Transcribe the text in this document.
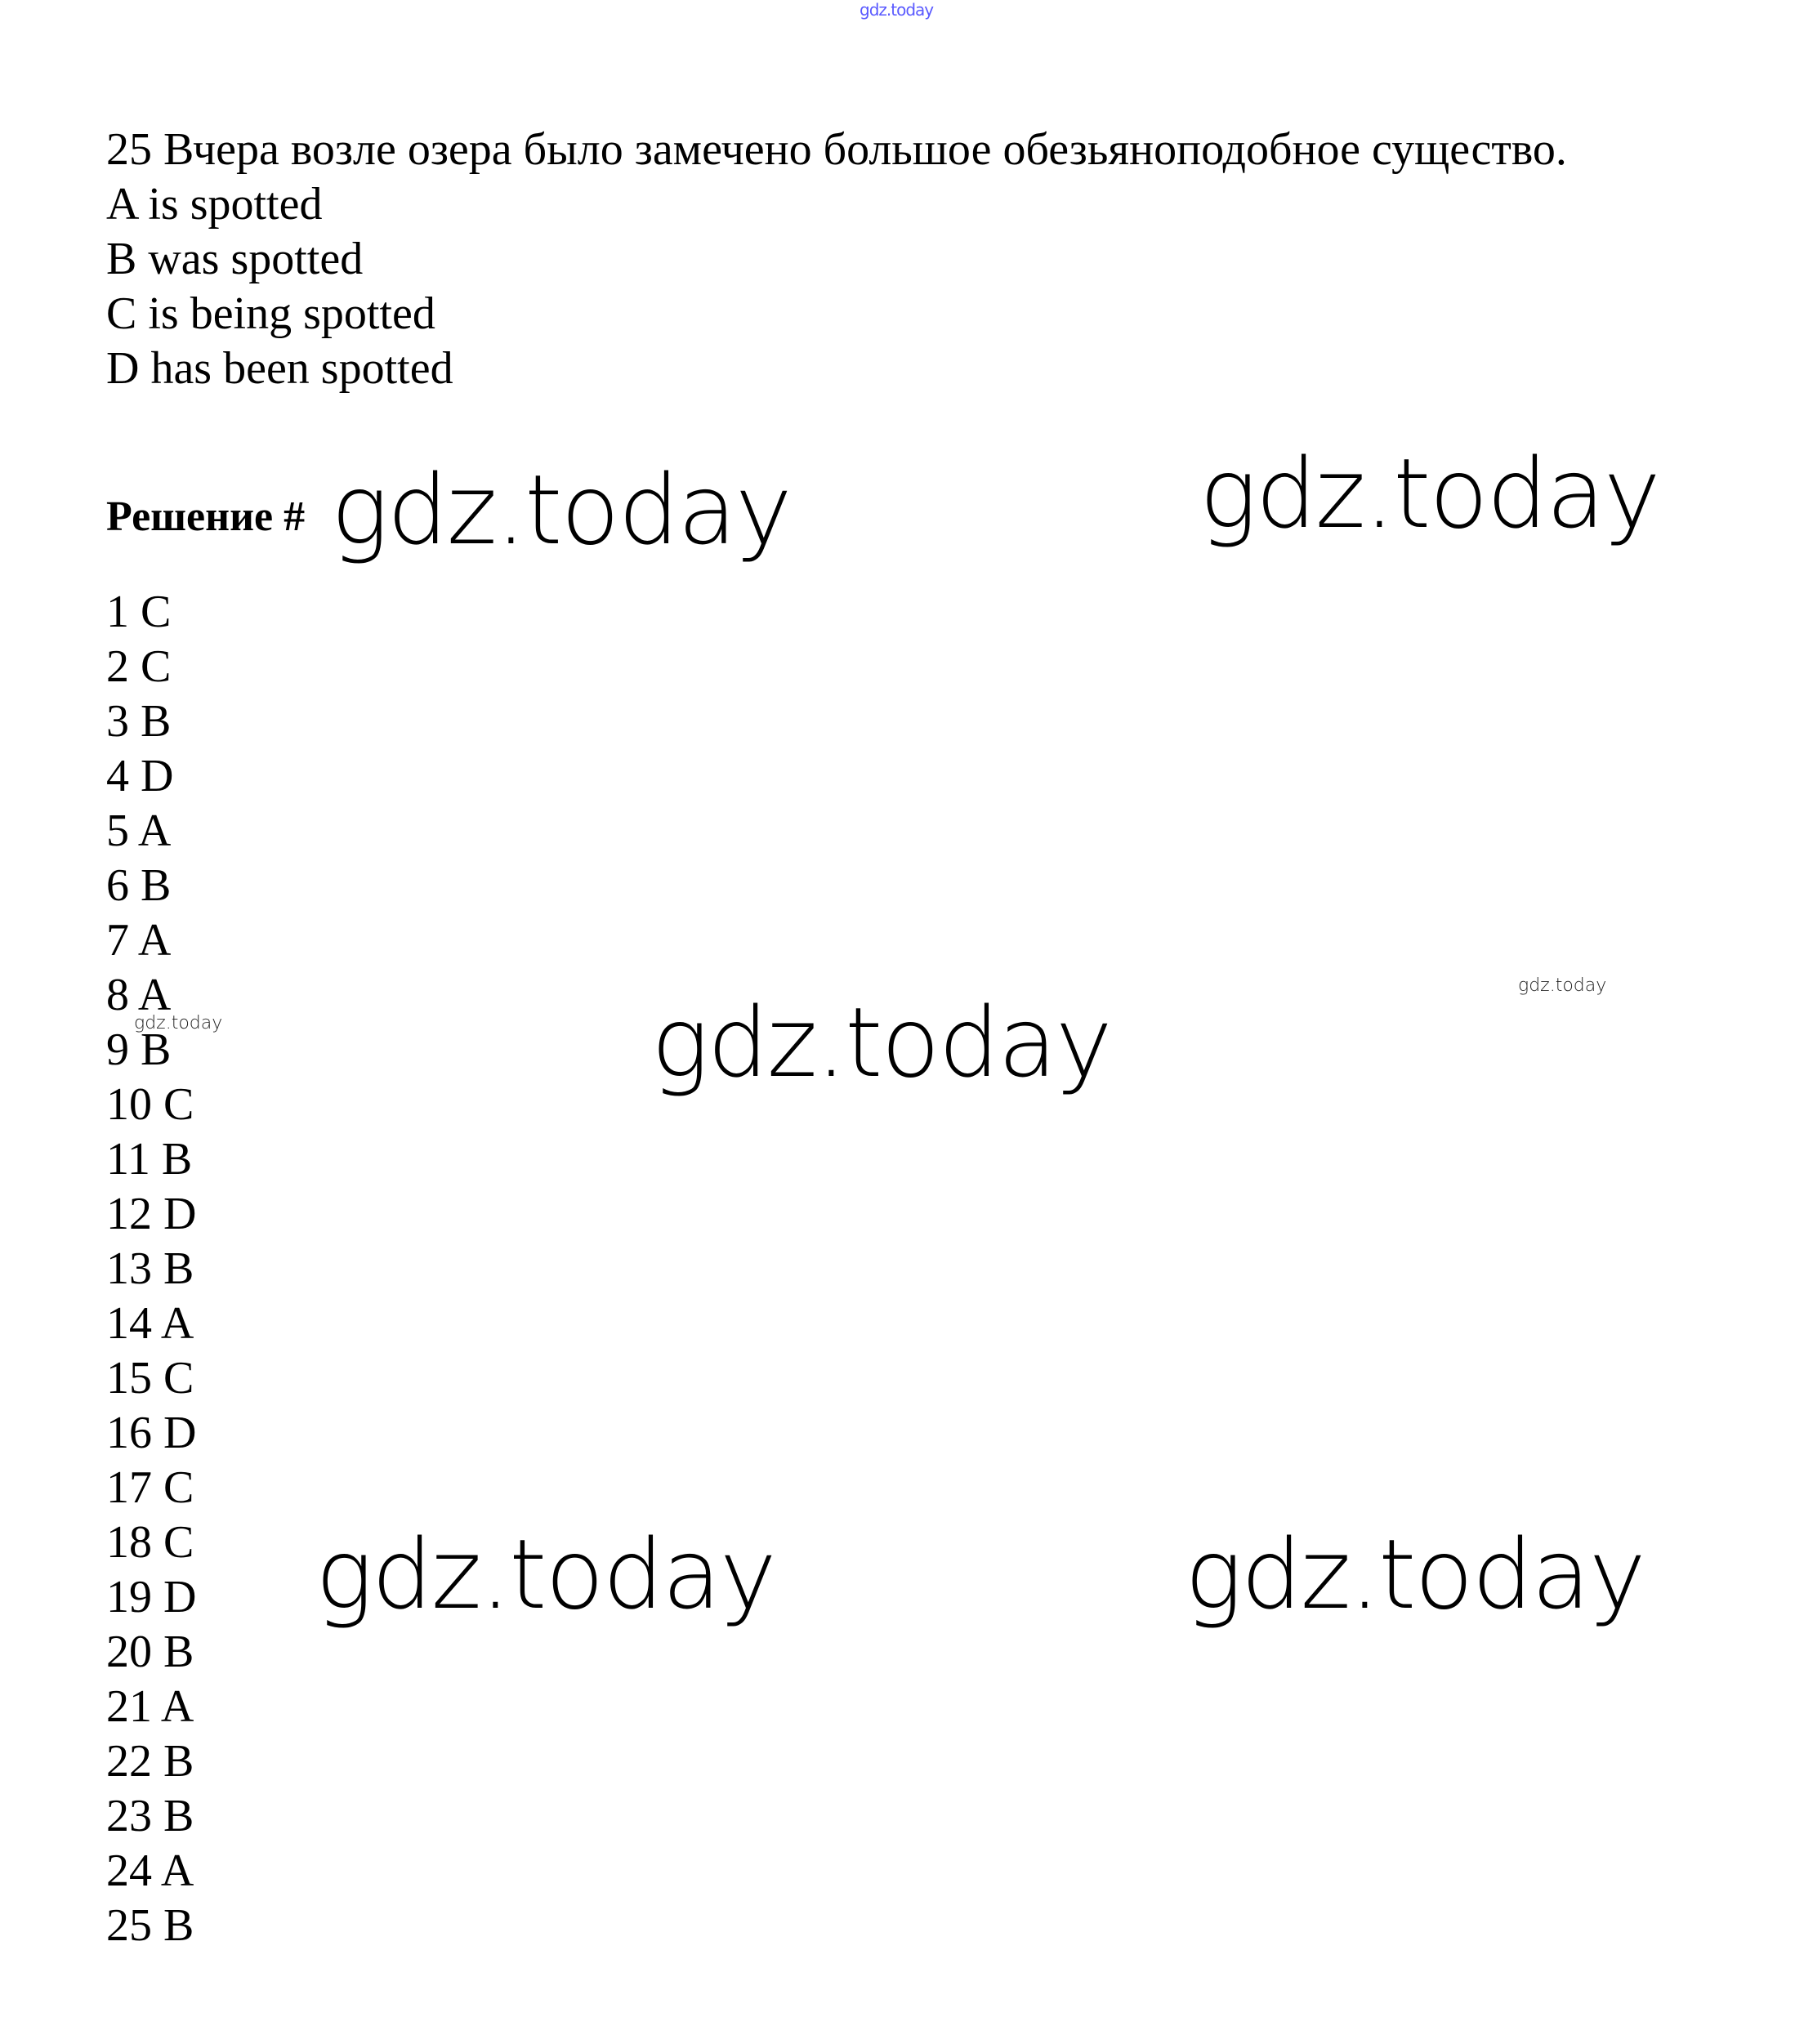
gdz.today
25 Вчера возле озера было замечено большое обезьяноподобное существо.
A is spotted
B was spotted
C is being spotted
D has been spotted
Решение #
1 C
2 C
3 B
4 D
5 A
6 B
7 A
8 A
9 B
10 C
11 B
12 D
13 B
14 A
15 C
16 D
17 C
18 C
19 D
20 B
21 A
22 B
23 B
24 A
25 B
gdz.today	gdz.today
gdz.today
gdz.today
gdz.today
gdz.today	gdz.today
